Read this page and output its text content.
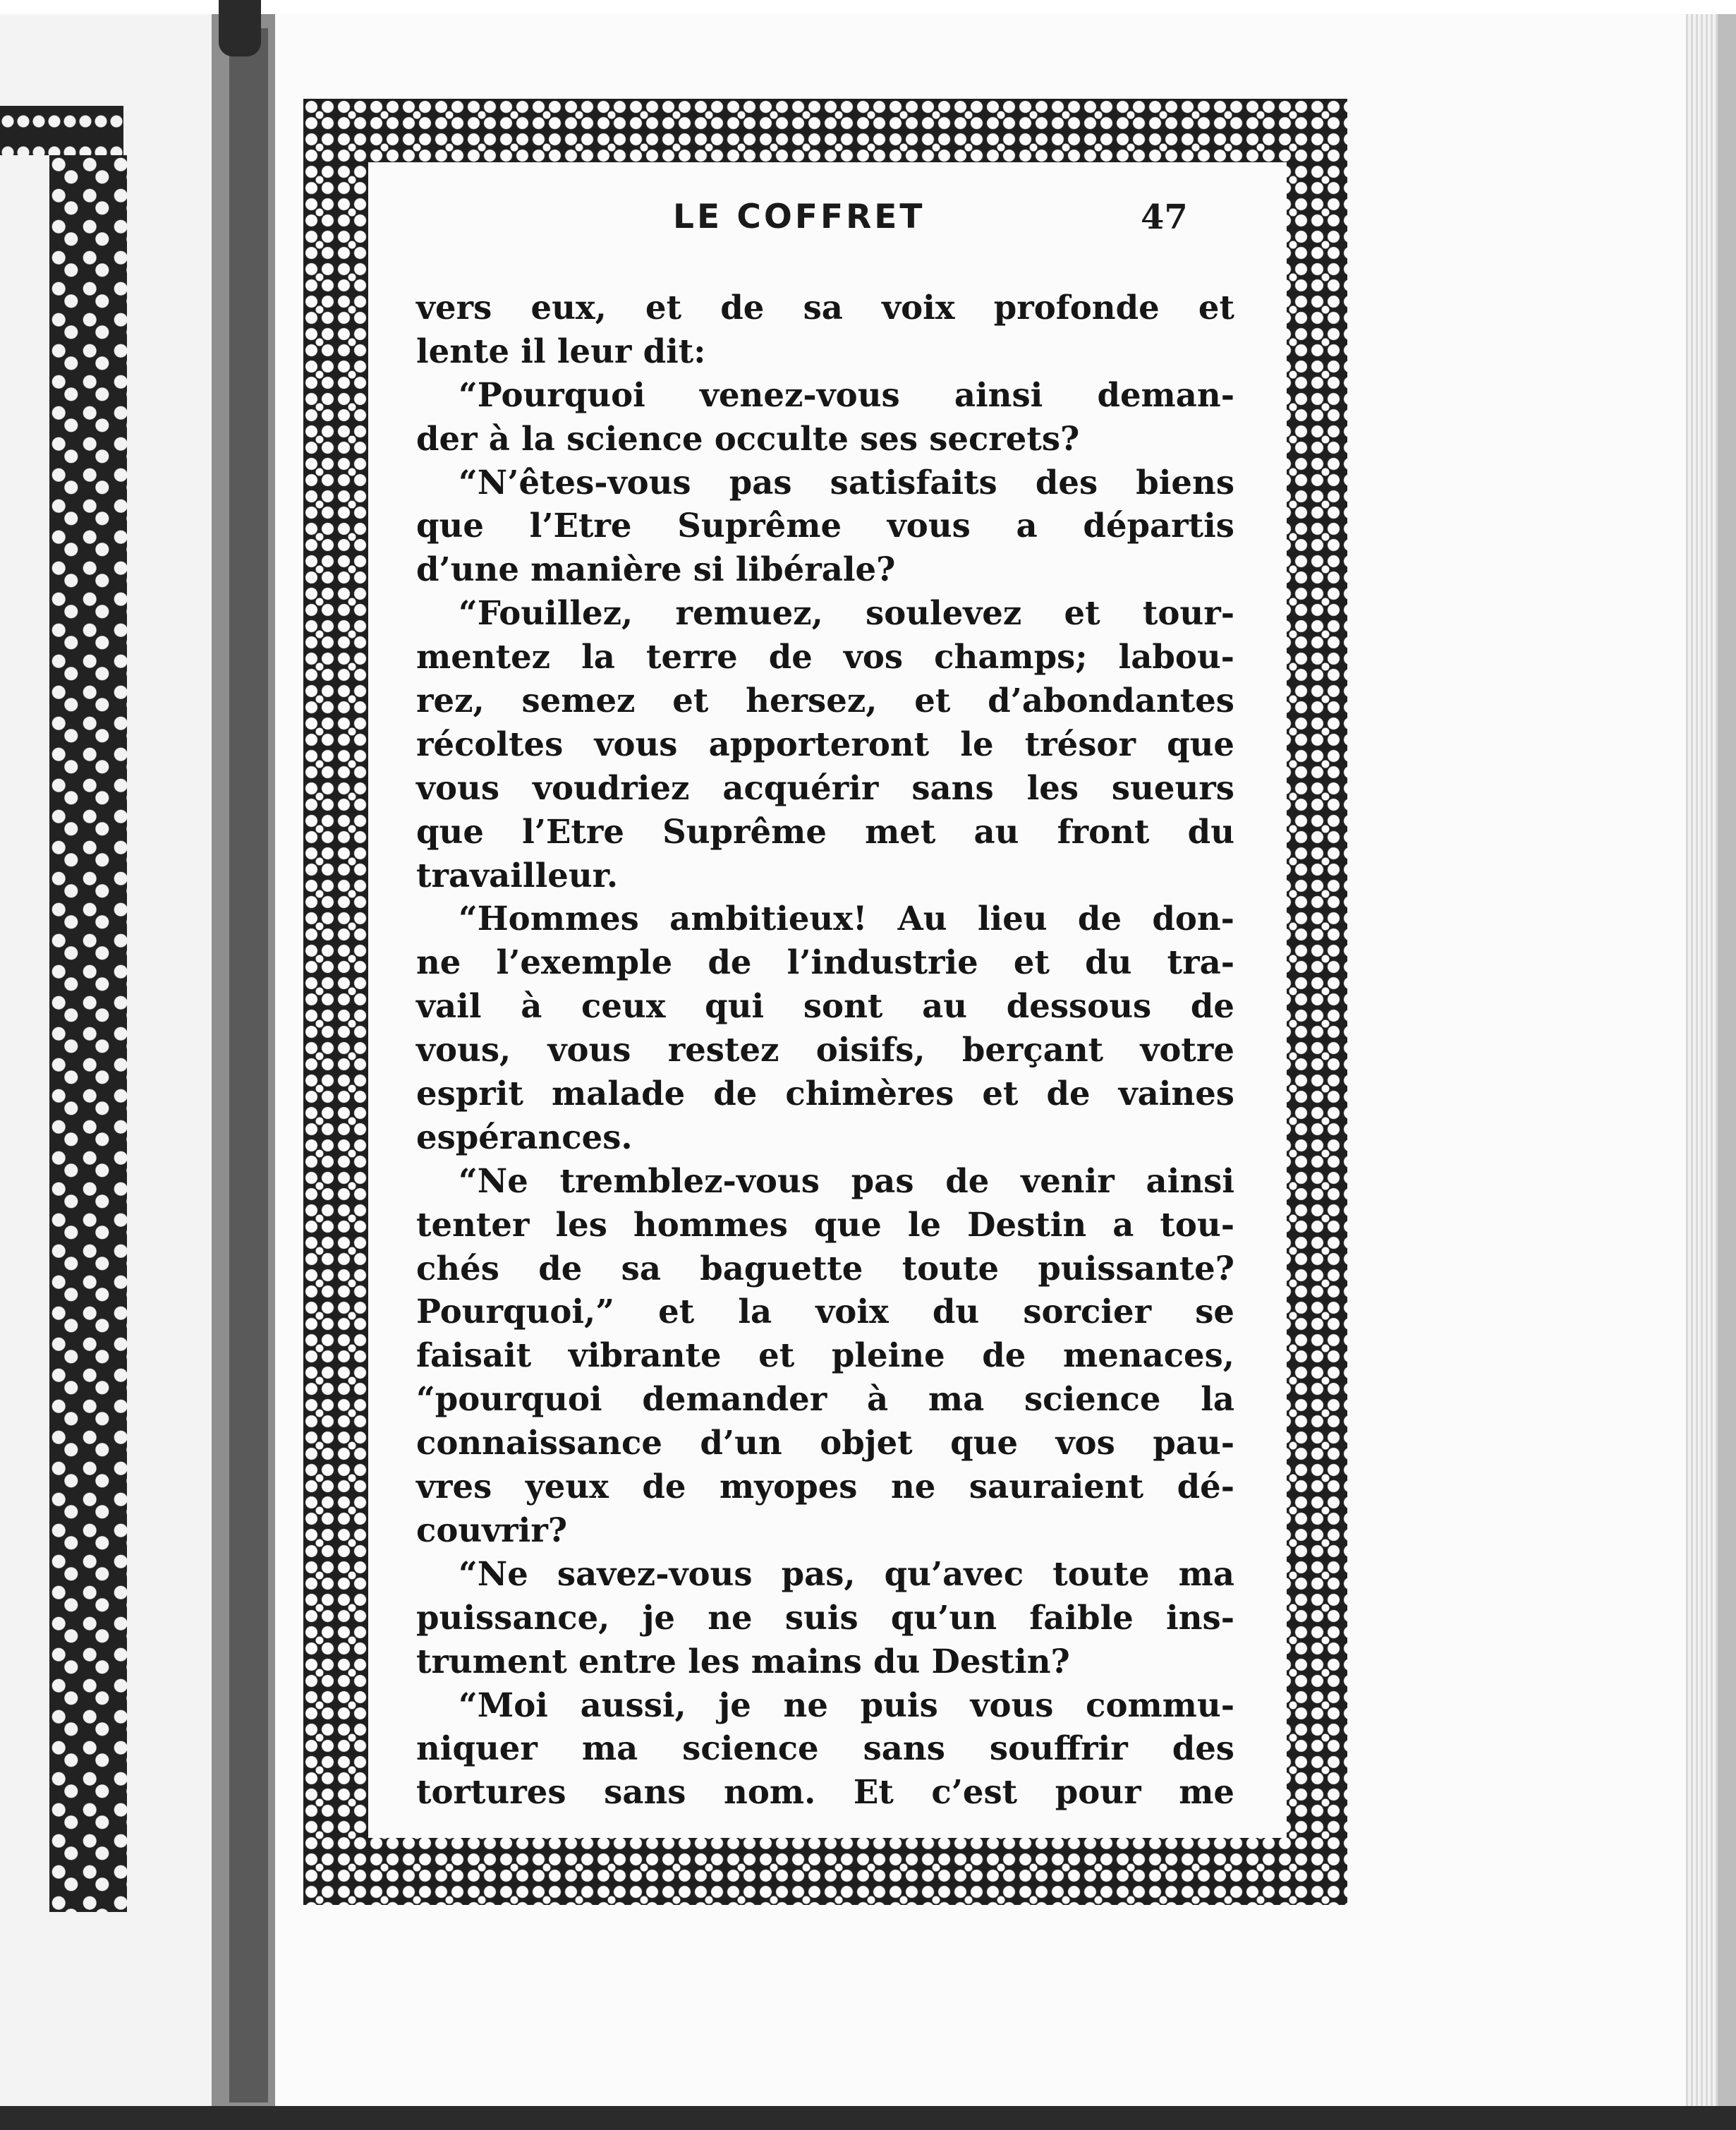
LE COFFRET	47
vers eux, et de sa voix profonde et
lente il leur dit:
“Pourquoi venez-vous ainsi deman-
der à la science occulte ses secrets?
“N’êtes-vous pas satisfaits des biens
que l’Etre Suprême vous a départis
d’une manière si libérale?
“Fouillez, remuez, soulevez et tour-
mentez la terre de vos champs; labou-
rez, semez et hersez, et d’abondantes
récoltes vous apporteront le trésor que
vous voudriez acquérir sans les sueurs
que l’Etre Suprême met au front du
travailleur.
“Hommes ambitieux! Au lieu de don-
ne l’exemple de l’industrie et du tra-
vail à ceux qui sont au dessous de
vous, vous restez oisifs, berçant votre
esprit malade de chimères et de vaines
espérances.
“Ne tremblez-vous pas de venir ainsi
tenter les hommes que le Destin a tou-
chés de sa baguette toute puissante?
Pourquoi,” et la voix du sorcier se
faisait vibrante et pleine de menaces,
“pourquoi demander à ma science la
connaissance d’un objet que vos pau-
vres yeux de myopes ne sauraient dé-
couvrir?
“Ne savez-vous pas, qu’avec toute ma
puissance, je ne suis qu’un faible ins-
trument entre les mains du Destin?
“Moi aussi, je ne puis vous commu-
niquer ma science sans souffrir des
tortures sans nom. Et c’est pour me
